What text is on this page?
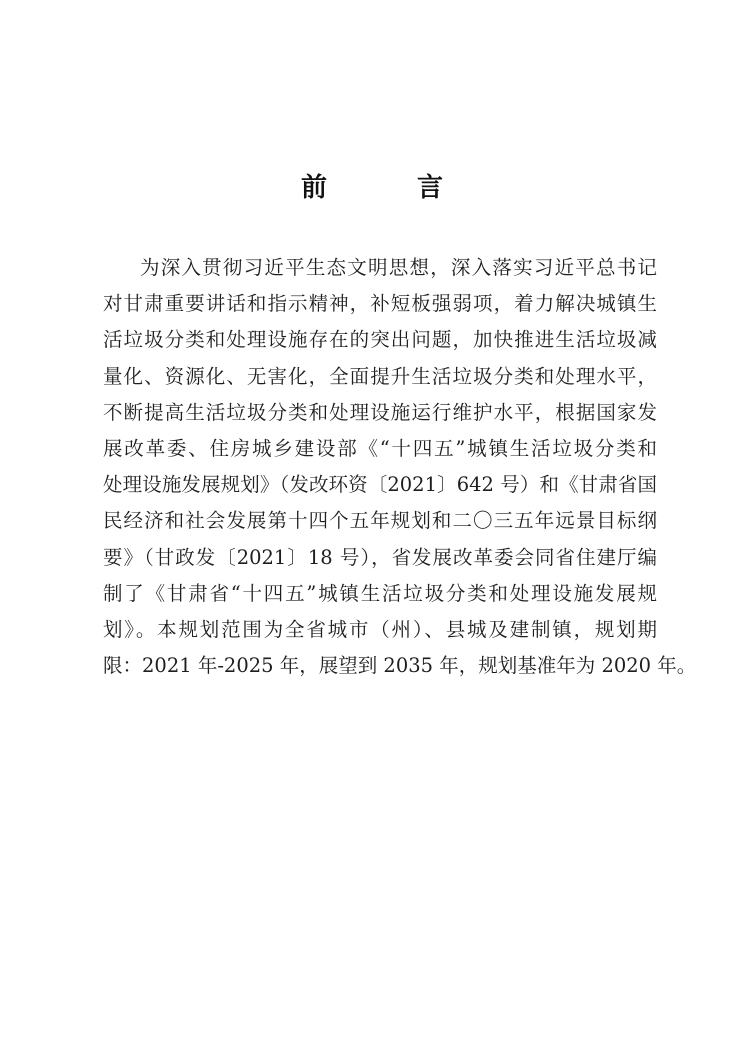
前　言
为深入贯彻习近平生态文明思想，深入落实习近平总书记
对甘肃重要讲话和指示精神，补短板强弱项，着力解决城镇生
活垃圾分类和处理设施存在的突出问题，加快推进生活垃圾减
量化、资源化、无害化，全面提升生活垃圾分类和处理水平，
不断提高生活垃圾分类和处理设施运行维护水平，根据国家发
展改革委、住房城乡建设部《“十四五”城镇生活垃圾分类和
处理设施发展规划》（发改环资〔2021〕642 号）和《甘肃省国
民经济和社会发展第十四个五年规划和二〇三五年远景目标纲
要》（甘政发〔2021〕18 号），省发展改革委会同省住建厅编
制了《甘肃省“十四五”城镇生活垃圾分类和处理设施发展规
划》。本规划范围为全省城市（州）、县城及建制镇，规划期
限：2021 年-2025 年，展望到 2035 年，规划基准年为 2020 年。
